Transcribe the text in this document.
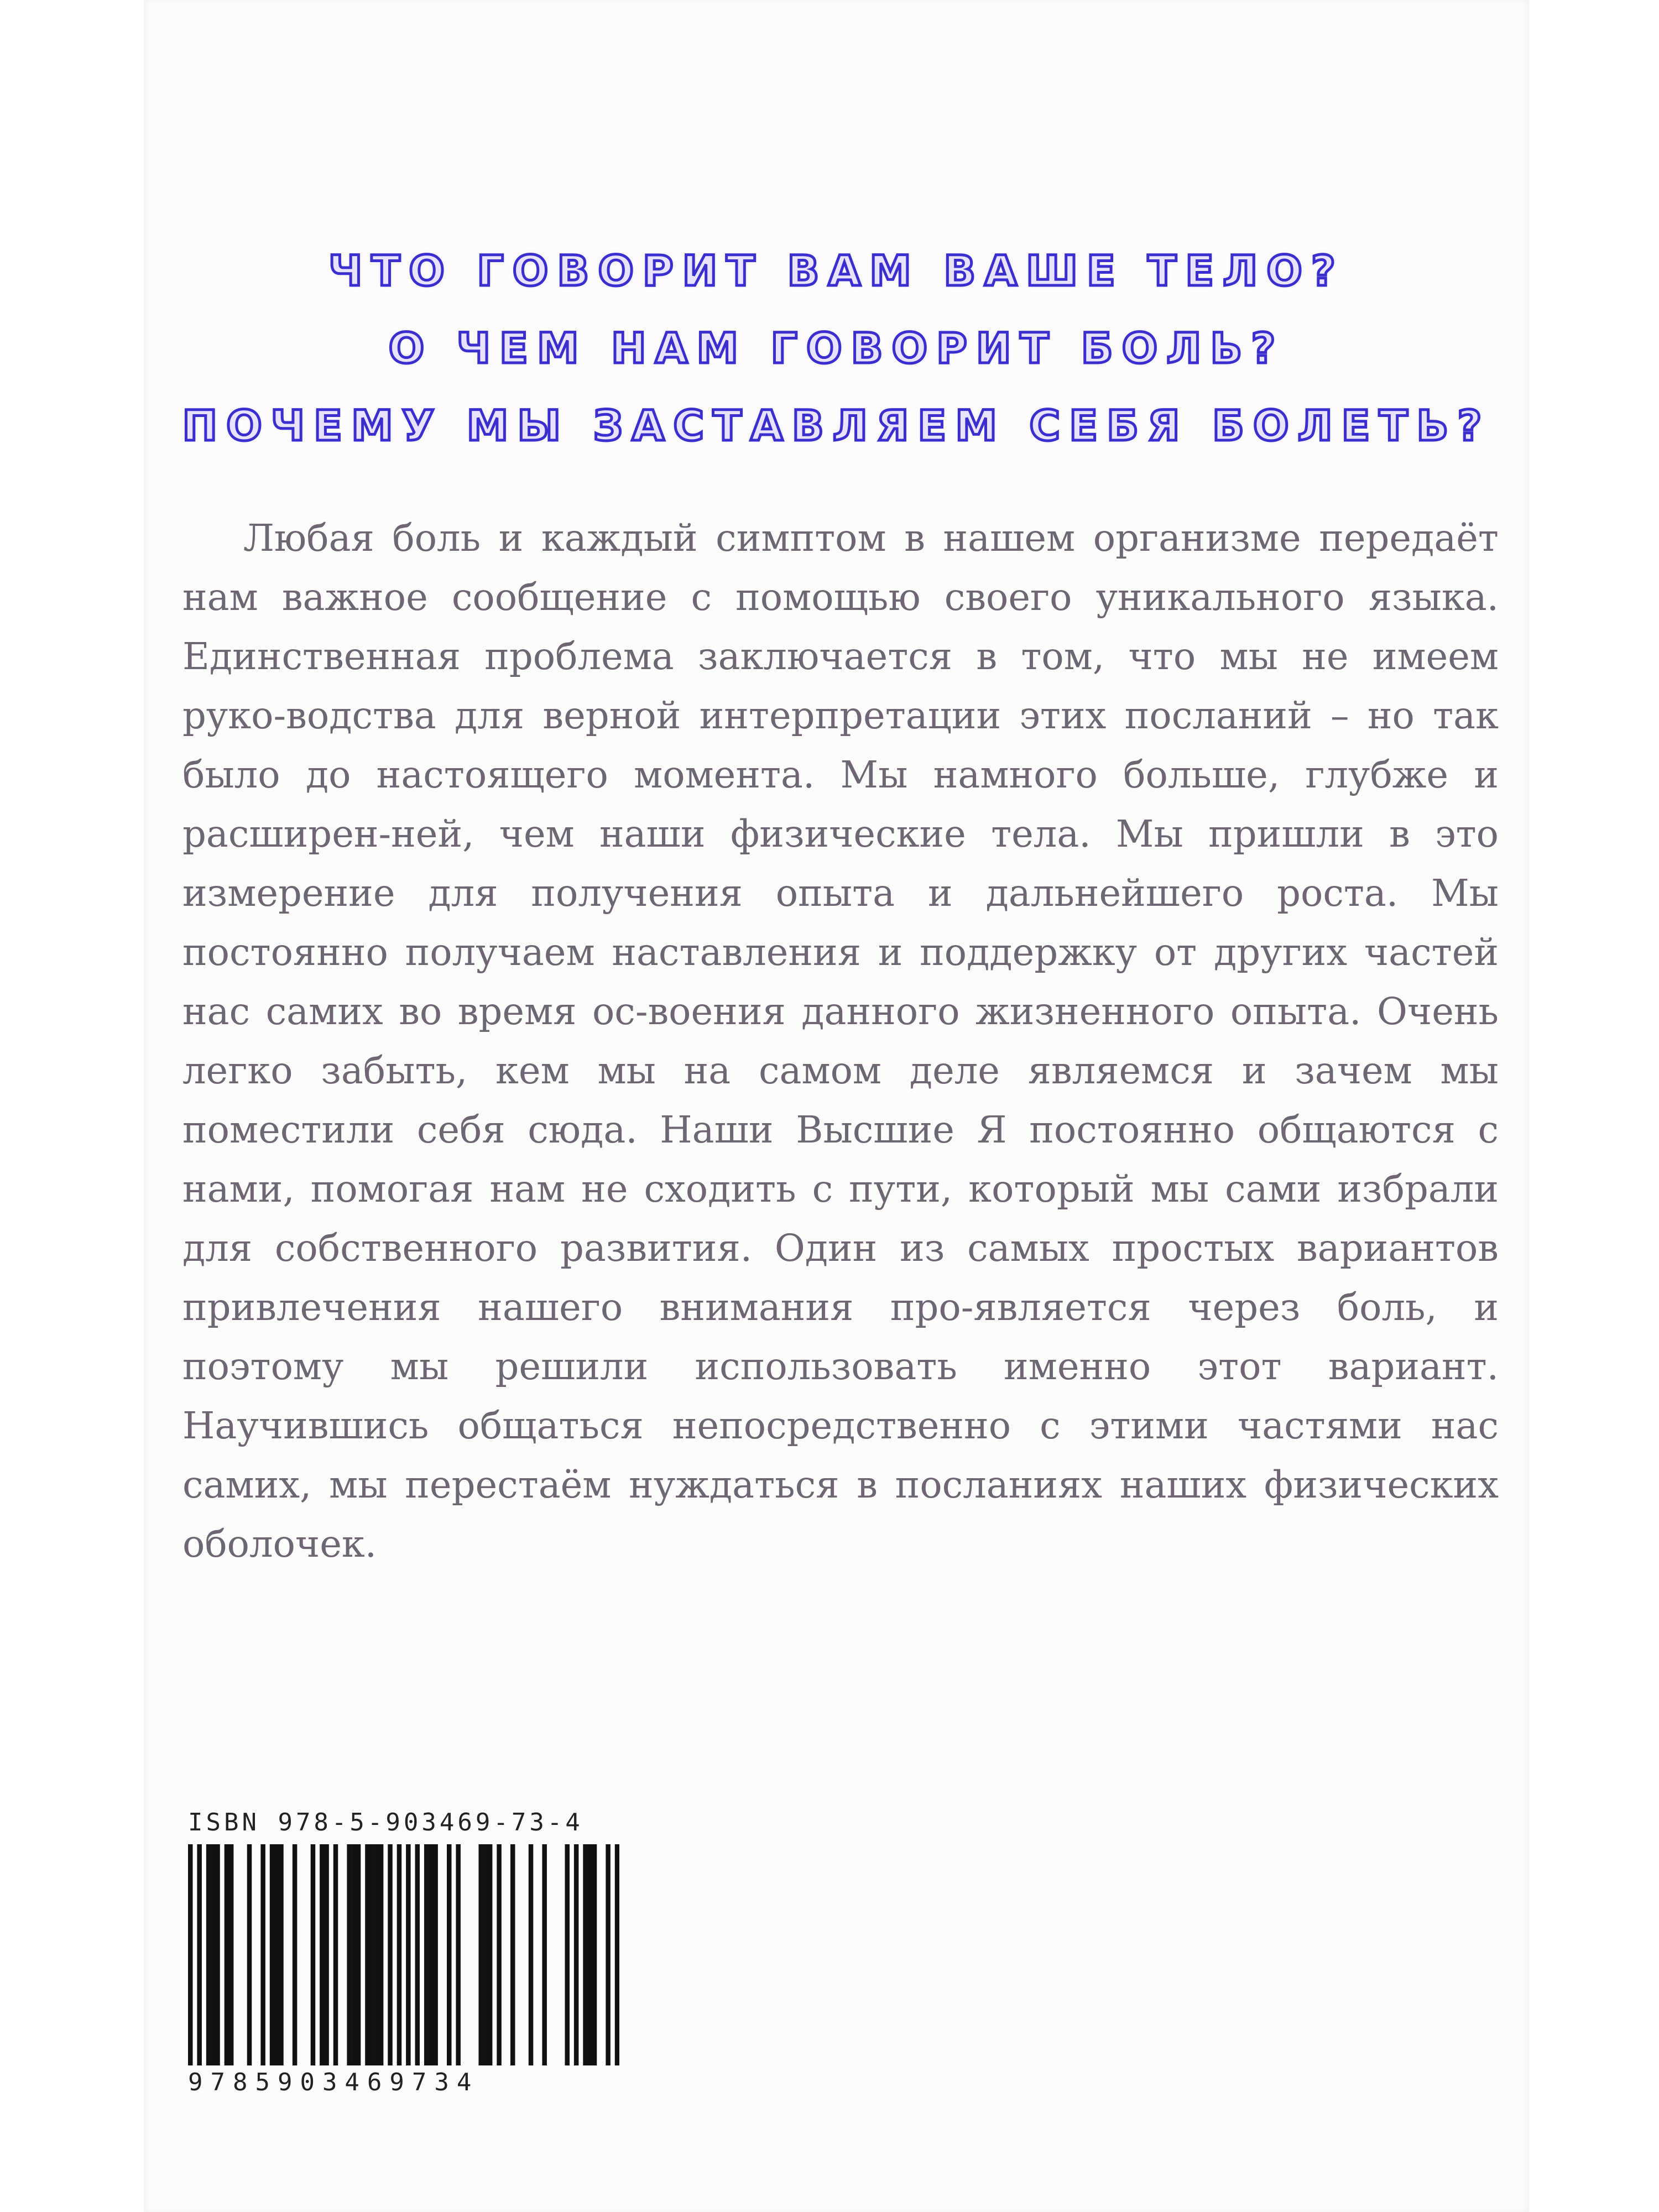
ЧТО ГОВОРИТ ВАМ ВАШЕ ТЕЛО?
О ЧЕМ НАМ ГОВОРИТ БОЛЬ?
ПОЧЕМУ МЫ ЗАСТАВЛЯЕМ СЕБЯ БОЛЕТЬ?
Любая боль и каждый симптом в нашем организме передаёт нам важное сообщение с помощью своего уникального языка. Единственная проблема заключается в том, что мы не имеем руко-водства для верной интерпретации этих посланий – но так было до настоящего момента. Мы намного больше, глубже и расширен-ней, чем наши физические тела. Мы пришли в это измерение для получения опыта и дальнейшего роста. Мы постоянно получаем наставления и поддержку от других частей нас самих во время ос-воения данного жизненного опыта. Очень легко забыть, кем мы на самом деле являемся и зачем мы поместили себя сюда. Наши Высшие Я постоянно общаются с нами, помогая нам не сходить с пути, который мы сами избрали для собственного развития. Один из самых простых вариантов привлечения нашего внимания про-является через боль, и поэтому мы решили использовать именно этот вариант. Научившись общаться непосредственно с этими частями нас самих, мы перестаём нуждаться в посланиях наших физических оболочек.
ISBN 978-5-903469-73-4
9785903469734
